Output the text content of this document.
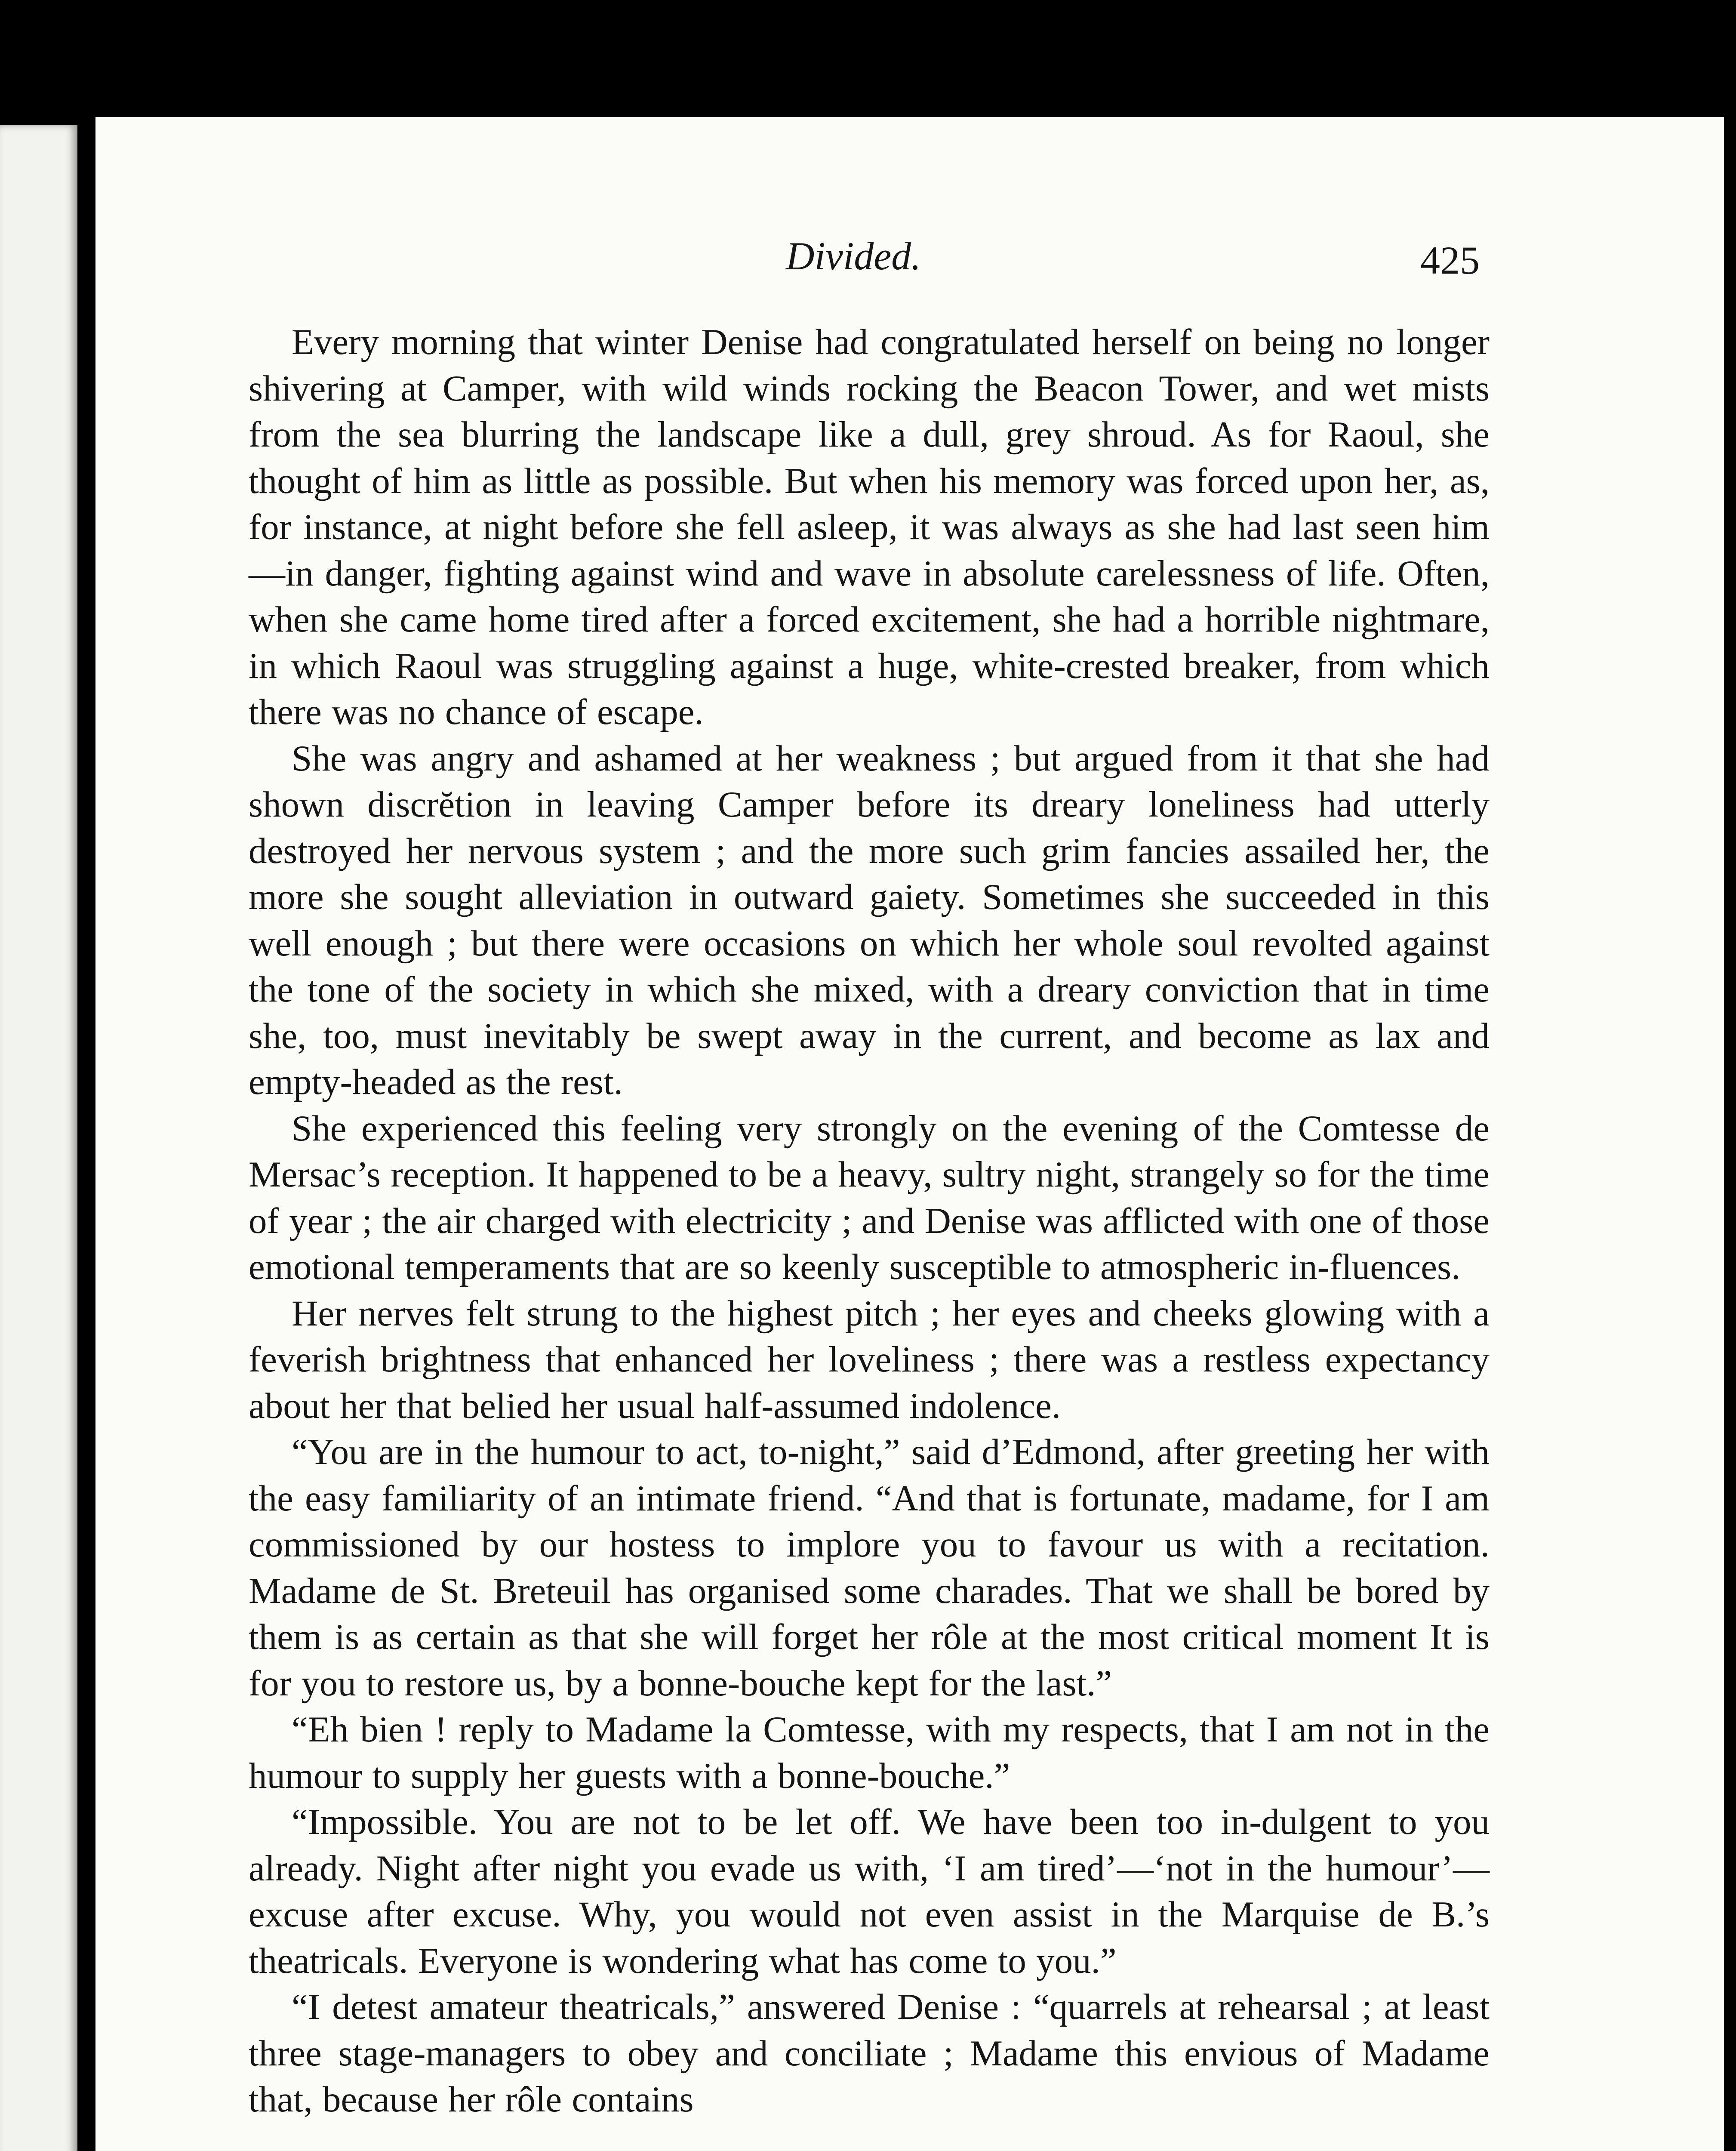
Divided.	425

Every morning that winter Denise had congratulated herself on being no longer shivering at Camper, with wild winds rocking the Beacon Tower, and wet mists from the sea blurring the landscape like a dull, grey shroud. As for Raoul, she thought of him as little as possible. But when his memory was forced upon her, as, for instance, at night before she fell asleep, it was always as she had last seen him—in danger, fighting against wind and wave in absolute carelessness of life. Often, when she came home tired after a forced excitement, she had a horrible nightmare, in which Raoul was struggling against a huge, white-crested breaker, from which there was no chance of escape.

She was angry and ashamed at her weakness ; but argued from it that she had shown discrĕtion in leaving Camper before its dreary loneliness had utterly destroyed her nervous system ; and the more such grim fancies assailed her, the more she sought alleviation in outward gaiety. Sometimes she succeeded in this well enough ; but there were occasions on which her whole soul revolted against the tone of the society in which she mixed, with a dreary conviction that in time she, too, must inevitably be swept away in the current, and become as lax and empty-headed as the rest.

She experienced this feeling very strongly on the evening of the Comtesse de Mersac’s reception. It happened to be a heavy, sultry night, strangely so for the time of year ; the air charged with electricity ; and Denise was afflicted with one of those emotional temperaments that are so keenly susceptible to atmospheric in-fluences.

Her nerves felt strung to the highest pitch ; her eyes and cheeks glowing with a feverish brightness that enhanced her loveliness ; there was a restless expectancy about her that belied her usual half-assumed indolence.

“You are in the humour to act, to-night,” said d’Edmond, after greeting her with the easy familiarity of an intimate friend. “And that is fortunate, madame, for I am commissioned by our hostess to implore you to favour us with a recitation. Madame de St. Breteuil has organised some charades. That we shall be bored by them is as certain as that she will forget her rôle at the most critical moment It is for you to restore us, by a bonne-bouche kept for the last.”

“Eh bien ! reply to Madame la Comtesse, with my respects, that I am not in the humour to supply her guests with a bonne-bouche.”

“Impossible. You are not to be let off. We have been too in-dulgent to you already. Night after night you evade us with, ‘I am tired’—‘not in the humour’—excuse after excuse. Why, you would not even assist in the Marquise de B.’s theatricals. Everyone is wondering what has come to you.”

“I detest amateur theatricals,” answered Denise : “quarrels at rehearsal ; at least three stage-managers to obey and conciliate ; Madame this envious of Madame that, because her rôle contains
